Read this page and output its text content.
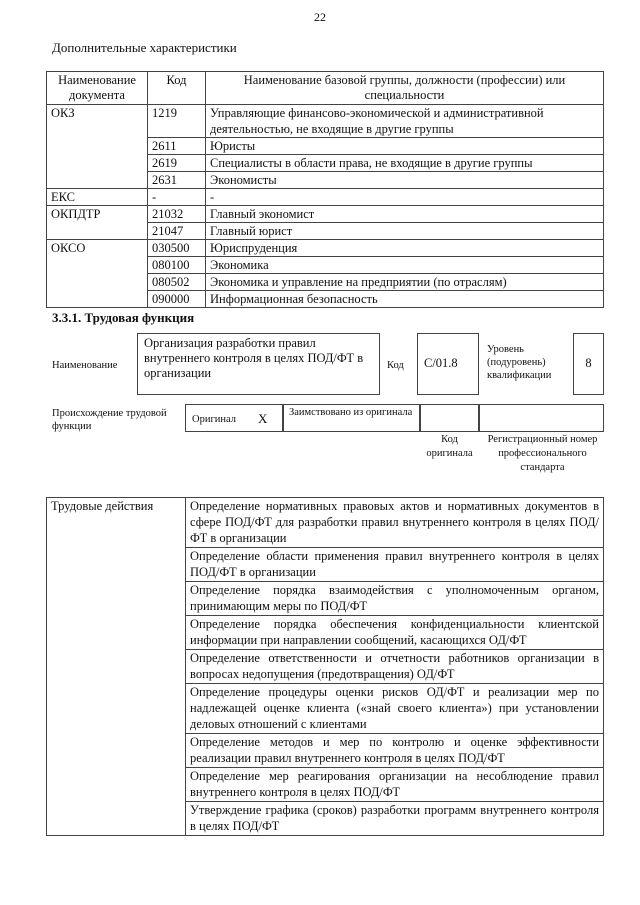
22
Дополнительные характеристики
Наименование документа	Код	Наименование базовой группы, должности (профессии) или специальности
ОКЗ	1219	Управляющие финансово-экономической и административной деятельностью, не входящие в другие группы
	2611	Юристы
	2619	Специалисты в области права, не входящие в другие группы
	2631	Экономисты
ЕКС	-	-
ОКПДТР	21032	Главный экономист
	21047	Главный юрист
ОКСО	030500	Юриспруденция
	080100	Экономика
	080502	Экономика и управление на предприятии (по отраслям)
	090000	Информационная безопасность
3.3.1. Трудовая функция
Наименование
Организация разработки правил внутреннего контроля в целях ПОД/ФТ в организации
Код	C/01.8
Уровень (подуровень) квалификации
8
Происхождение трудовой функции
Оригинал X	Заимствовано из оригинала
Код оригинала
Регистрационный номер профессионального стандарта
Трудовые действия	Определение нормативных правовых актов и нормативных документов в сфере ПОД/ФТ для разработки правил внутреннего контроля в целях ПОД/ФТ в организации
Определение области применения правил внутреннего контроля в целях ПОД/ФТ в организации
Определение порядка взаимодействия с уполномоченным органом, принимающим меры по ПОД/ФТ
Определение порядка обеспечения конфиденциальности клиентской информации при направлении сообщений, касающихся ОД/ФТ
Определение ответственности и отчетности работников организации в вопросах недопущения (предотвращения) ОД/ФТ
Определение процедуры оценки рисков ОД/ФТ и реализации мер по надлежащей оценке клиента («знай своего клиента») при установлении деловых отношений с клиентами
Определение методов и мер по контролю и оценке эффективности реализации правил внутреннего контроля в целях ПОД/ФТ
Определение мер реагирования организации на несоблюдение правил внутреннего контроля в целях ПОД/ФТ
Утверждение графика (сроков) разработки программ внутреннего контроля в целях ПОД/ФТ
